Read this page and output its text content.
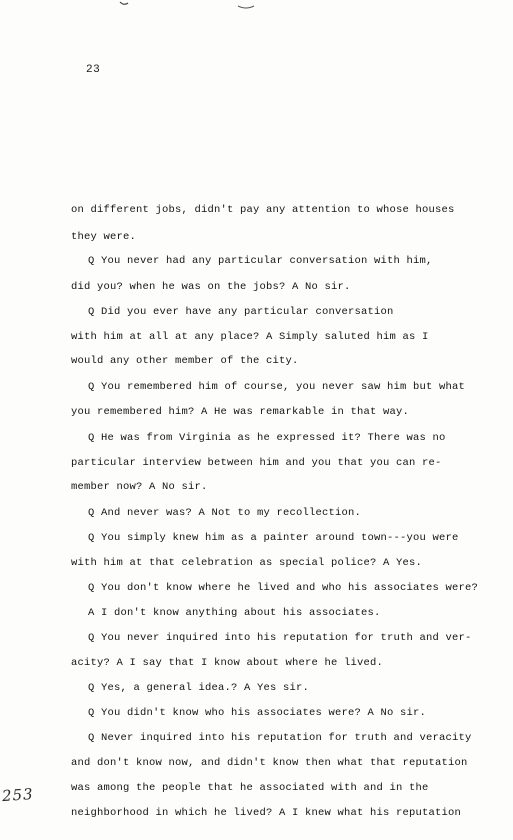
23
on different jobs, didn't pay any attention to whose houses
they were.
Q You never had any particular conversation with him,
did you? when he was on the jobs? A No sir.
Q Did you ever have any particular conversation
with him at all at any place? A Simply saluted him as I
would any other member of the city.
Q You remembered him of course, you never saw him but what
you remembered him? A He was remarkable in that way.
Q He was from Virginia as he expressed it? There was no
particular interview between him and you that you can re-
member now? A No sir.
Q And never was? A Not to my recollection.
Q You simply knew him as a painter around town---you were
with him at that celebration as special police? A Yes.
Q You don't know where he lived and who his associates were?
A I don't know anything about his associates.
Q You never inquired into his reputation for truth and ver-
acity? A I say that I know about where he lived.
Q Yes, a general idea.? A Yes sir.
Q You didn't know who his associates were? A No sir.
Q Never inquired into his reputation for truth and veracity
and don't know now, and didn't know then what that reputation
was among the people that he associated with and in the
neighborhood in which he lived? A I knew what his reputation
253
